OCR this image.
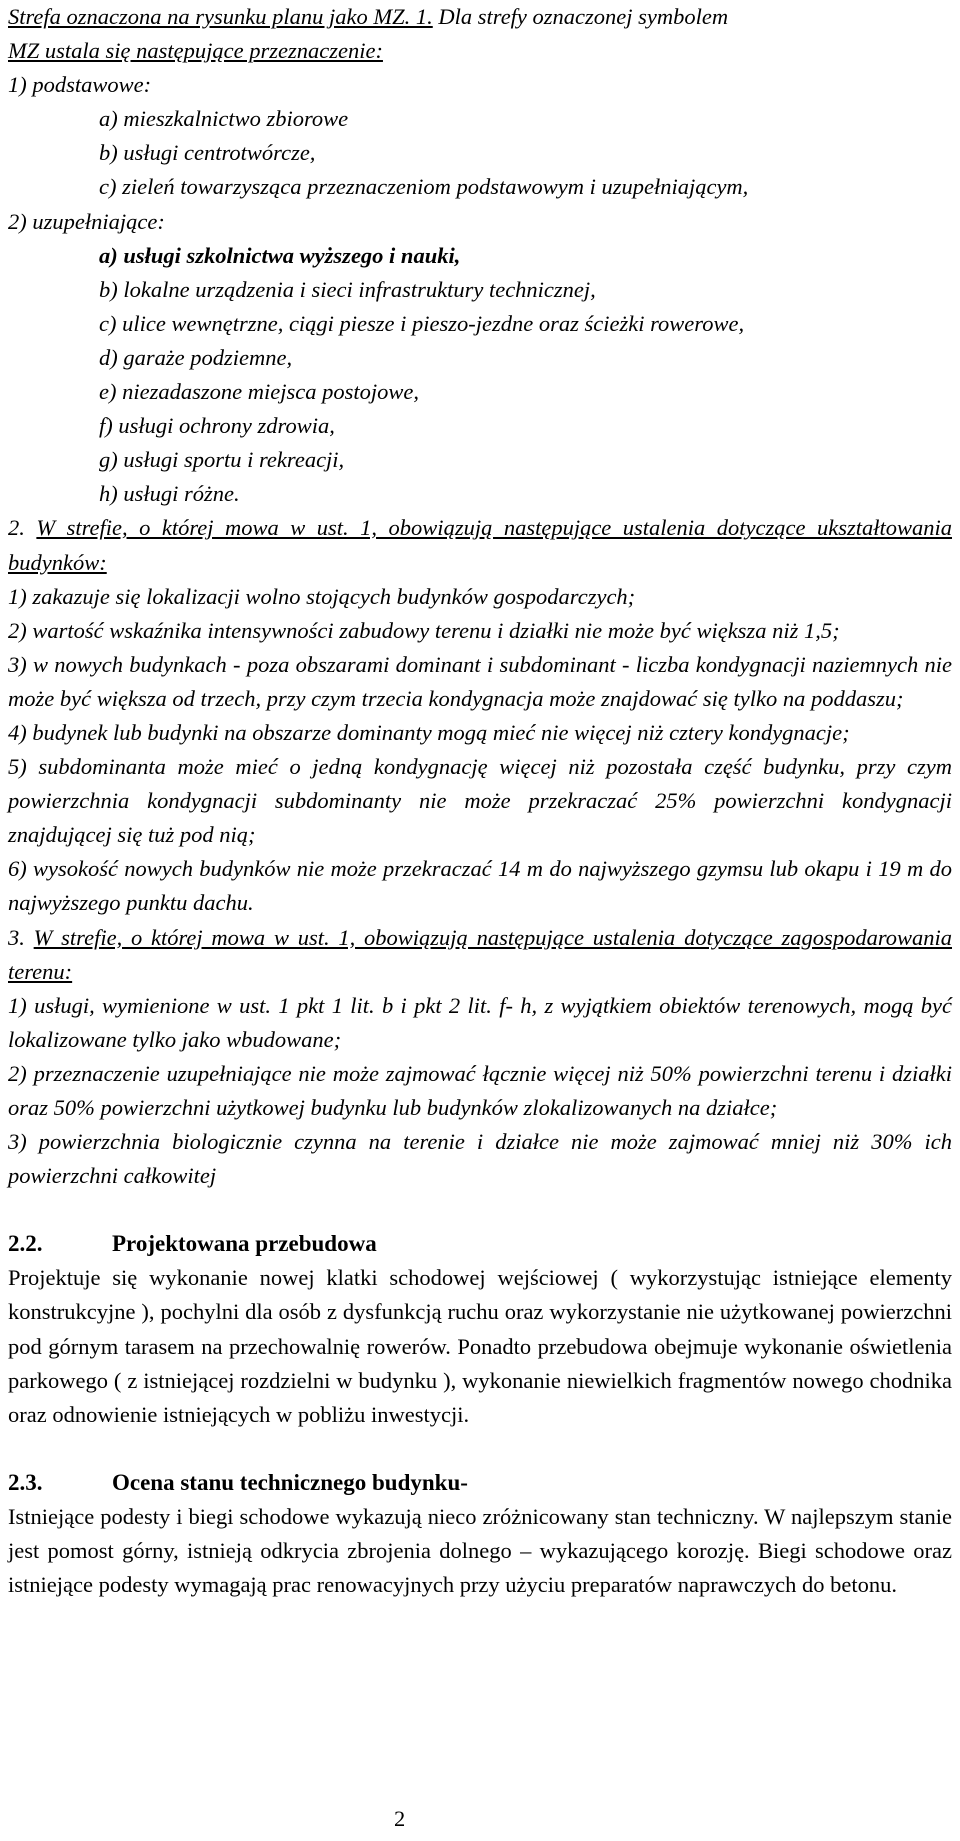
Strefa oznaczona na rysunku planu jako MZ. 1. Dla strefy oznaczonej symbolem
MZ ustala się następujące przeznaczenie:
1) podstawowe:
a) mieszkalnictwo zbiorowe
b) usługi centrotwórcze,
c) zieleń towarzysząca przeznaczeniom podstawowym i uzupełniającym,
2) uzupełniające:
a) usługi szkolnictwa wyższego i nauki,
b) lokalne urządzenia i sieci infrastruktury technicznej,
c) ulice wewnętrzne, ciągi piesze i pieszo-jezdne oraz ścieżki rowerowe,
d) garaże podziemne,
e) niezadaszone miejsca postojowe,
f) usługi ochrony zdrowia,
g) usługi sportu i rekreacji,
h) usługi różne.
2. W strefie, o której mowa w ust. 1, obowiązują następujące ustalenia dotyczące ukształtowania budynków:
1) zakazuje się lokalizacji wolno stojących budynków gospodarczych;
2) wartość wskaźnika intensywności zabudowy terenu i działki nie może być większa niż 1,5;
3) w nowych budynkach - poza obszarami dominant i subdominant - liczba kondygnacji naziemnych nie może być większa od trzech, przy czym trzecia kondygnacja może znajdować się tylko na poddaszu;
4) budynek lub budynki na obszarze dominanty mogą mieć nie więcej niż cztery kondygnacje;
5) subdominanta może mieć o jedną kondygnację więcej niż pozostała część budynku, przy czym powierzchnia kondygnacji subdominanty nie może przekraczać 25% powierzchni kondygnacji znajdującej się tuż pod nią;
6) wysokość nowych budynków nie może przekraczać 14 m do najwyższego gzymsu lub okapu i 19 m do najwyższego punktu dachu.
3. W strefie, o której mowa w ust. 1, obowiązują następujące ustalenia dotyczące zagospodarowania terenu:
1) usługi, wymienione w ust. 1 pkt 1 lit. b i pkt 2 lit. f- h, z wyjątkiem obiektów terenowych, mogą być lokalizowane tylko jako wbudowane;
2) przeznaczenie uzupełniające nie może zajmować łącznie więcej niż 50% powierzchni terenu i działki oraz 50% powierzchni użytkowej budynku lub budynków zlokalizowanych na działce;
3) powierzchnia biologicznie czynna na terenie i działce nie może zajmować mniej niż 30% ich powierzchni całkowitej
2.2.	Projektowana przebudowa
Projektuje się wykonanie nowej klatki schodowej wejściowej ( wykorzystując istniejące elementy konstrukcyjne ), pochylni dla osób z dysfunkcją ruchu oraz wykorzystanie nie użytkowanej powierzchni pod górnym tarasem na przechowalnię rowerów. Ponadto przebudowa obejmuje wykonanie oświetlenia parkowego ( z istniejącej rozdzielni w budynku ), wykonanie niewielkich fragmentów nowego chodnika oraz odnowienie istniejących w pobliżu inwestycji.
2.3.	Ocena stanu technicznego budynku-
Istniejące podesty i biegi schodowe wykazują nieco zróżnicowany stan techniczny. W najlepszym stanie jest pomost górny, istnieją odkrycia zbrojenia dolnego – wykazującego korozję. Biegi schodowe oraz istniejące podesty wymagają prac renowacyjnych przy użyciu preparatów naprawczych do betonu.
2
